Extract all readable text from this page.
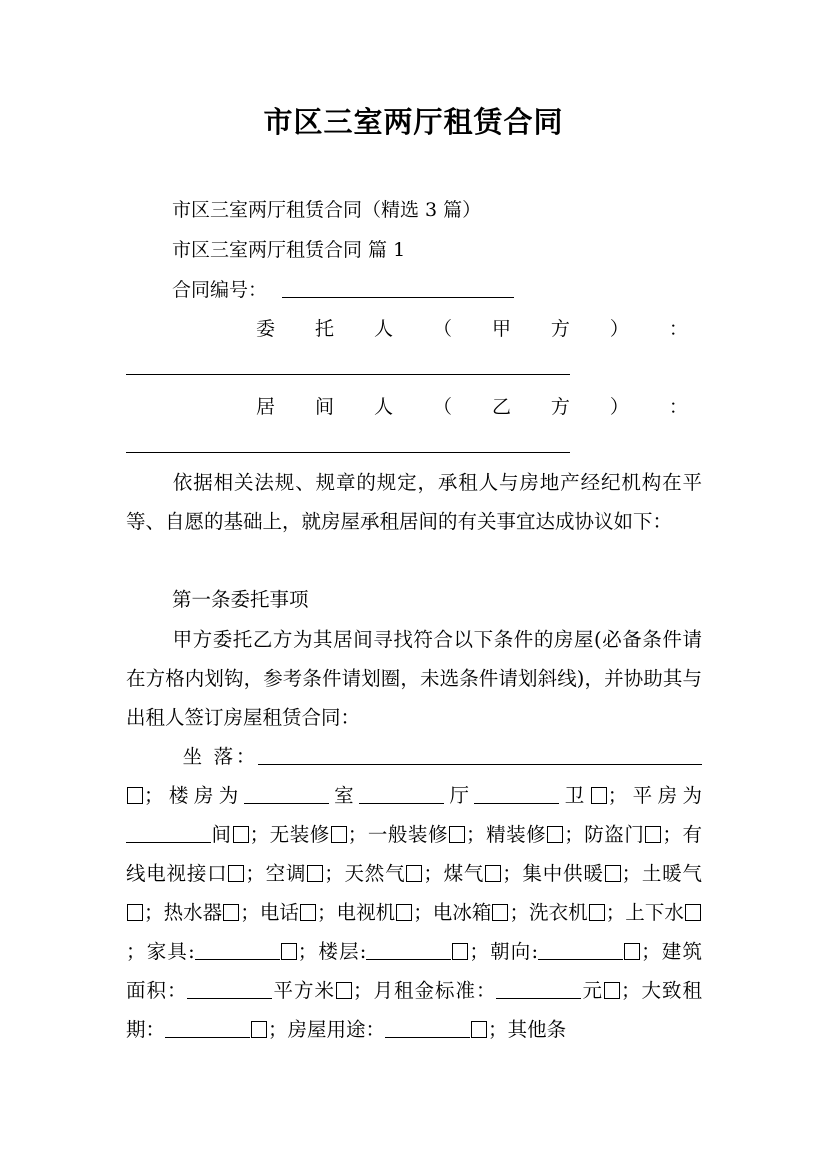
市区三室两厅租赁合同
市区三室两厅租赁合同（精选 3 篇）
市区三室两厅租赁合同 篇 1
合同编号：
委 托 人 （ 甲 方 ） ：
居 间 人 （ 乙 方 ） ：
依据相关法规、规章的规定，承租人与房地产经纪机构在平等、自愿的基础上，就房屋承租居间的有关事宜达成协议如下：
第一条委托事项
甲方委托乙方为其居间寻找符合以下条件的房屋(必备条件请在方格内划钩，参考条件请划圈，未选条件请划斜线)，并协助其与出租人签订房屋租赁合同：
坐 落：；楼房为	室	厅	卫 ；平房为间 ；无装修 ；一般装修 ；精装修 ；防盗门 ；有线电视接口 ；空调 ；天然气 ；煤气 ；集中供暖 ；土暖气；热水器 ；电话 ；电视机 ；电冰箱 ；洗衣机 ；上下水；家具:	；楼层:	；朝向:	；建筑面积：	平方米 ；月租金标准：	元 ；大致租期：	；房屋用途：	；其他条
